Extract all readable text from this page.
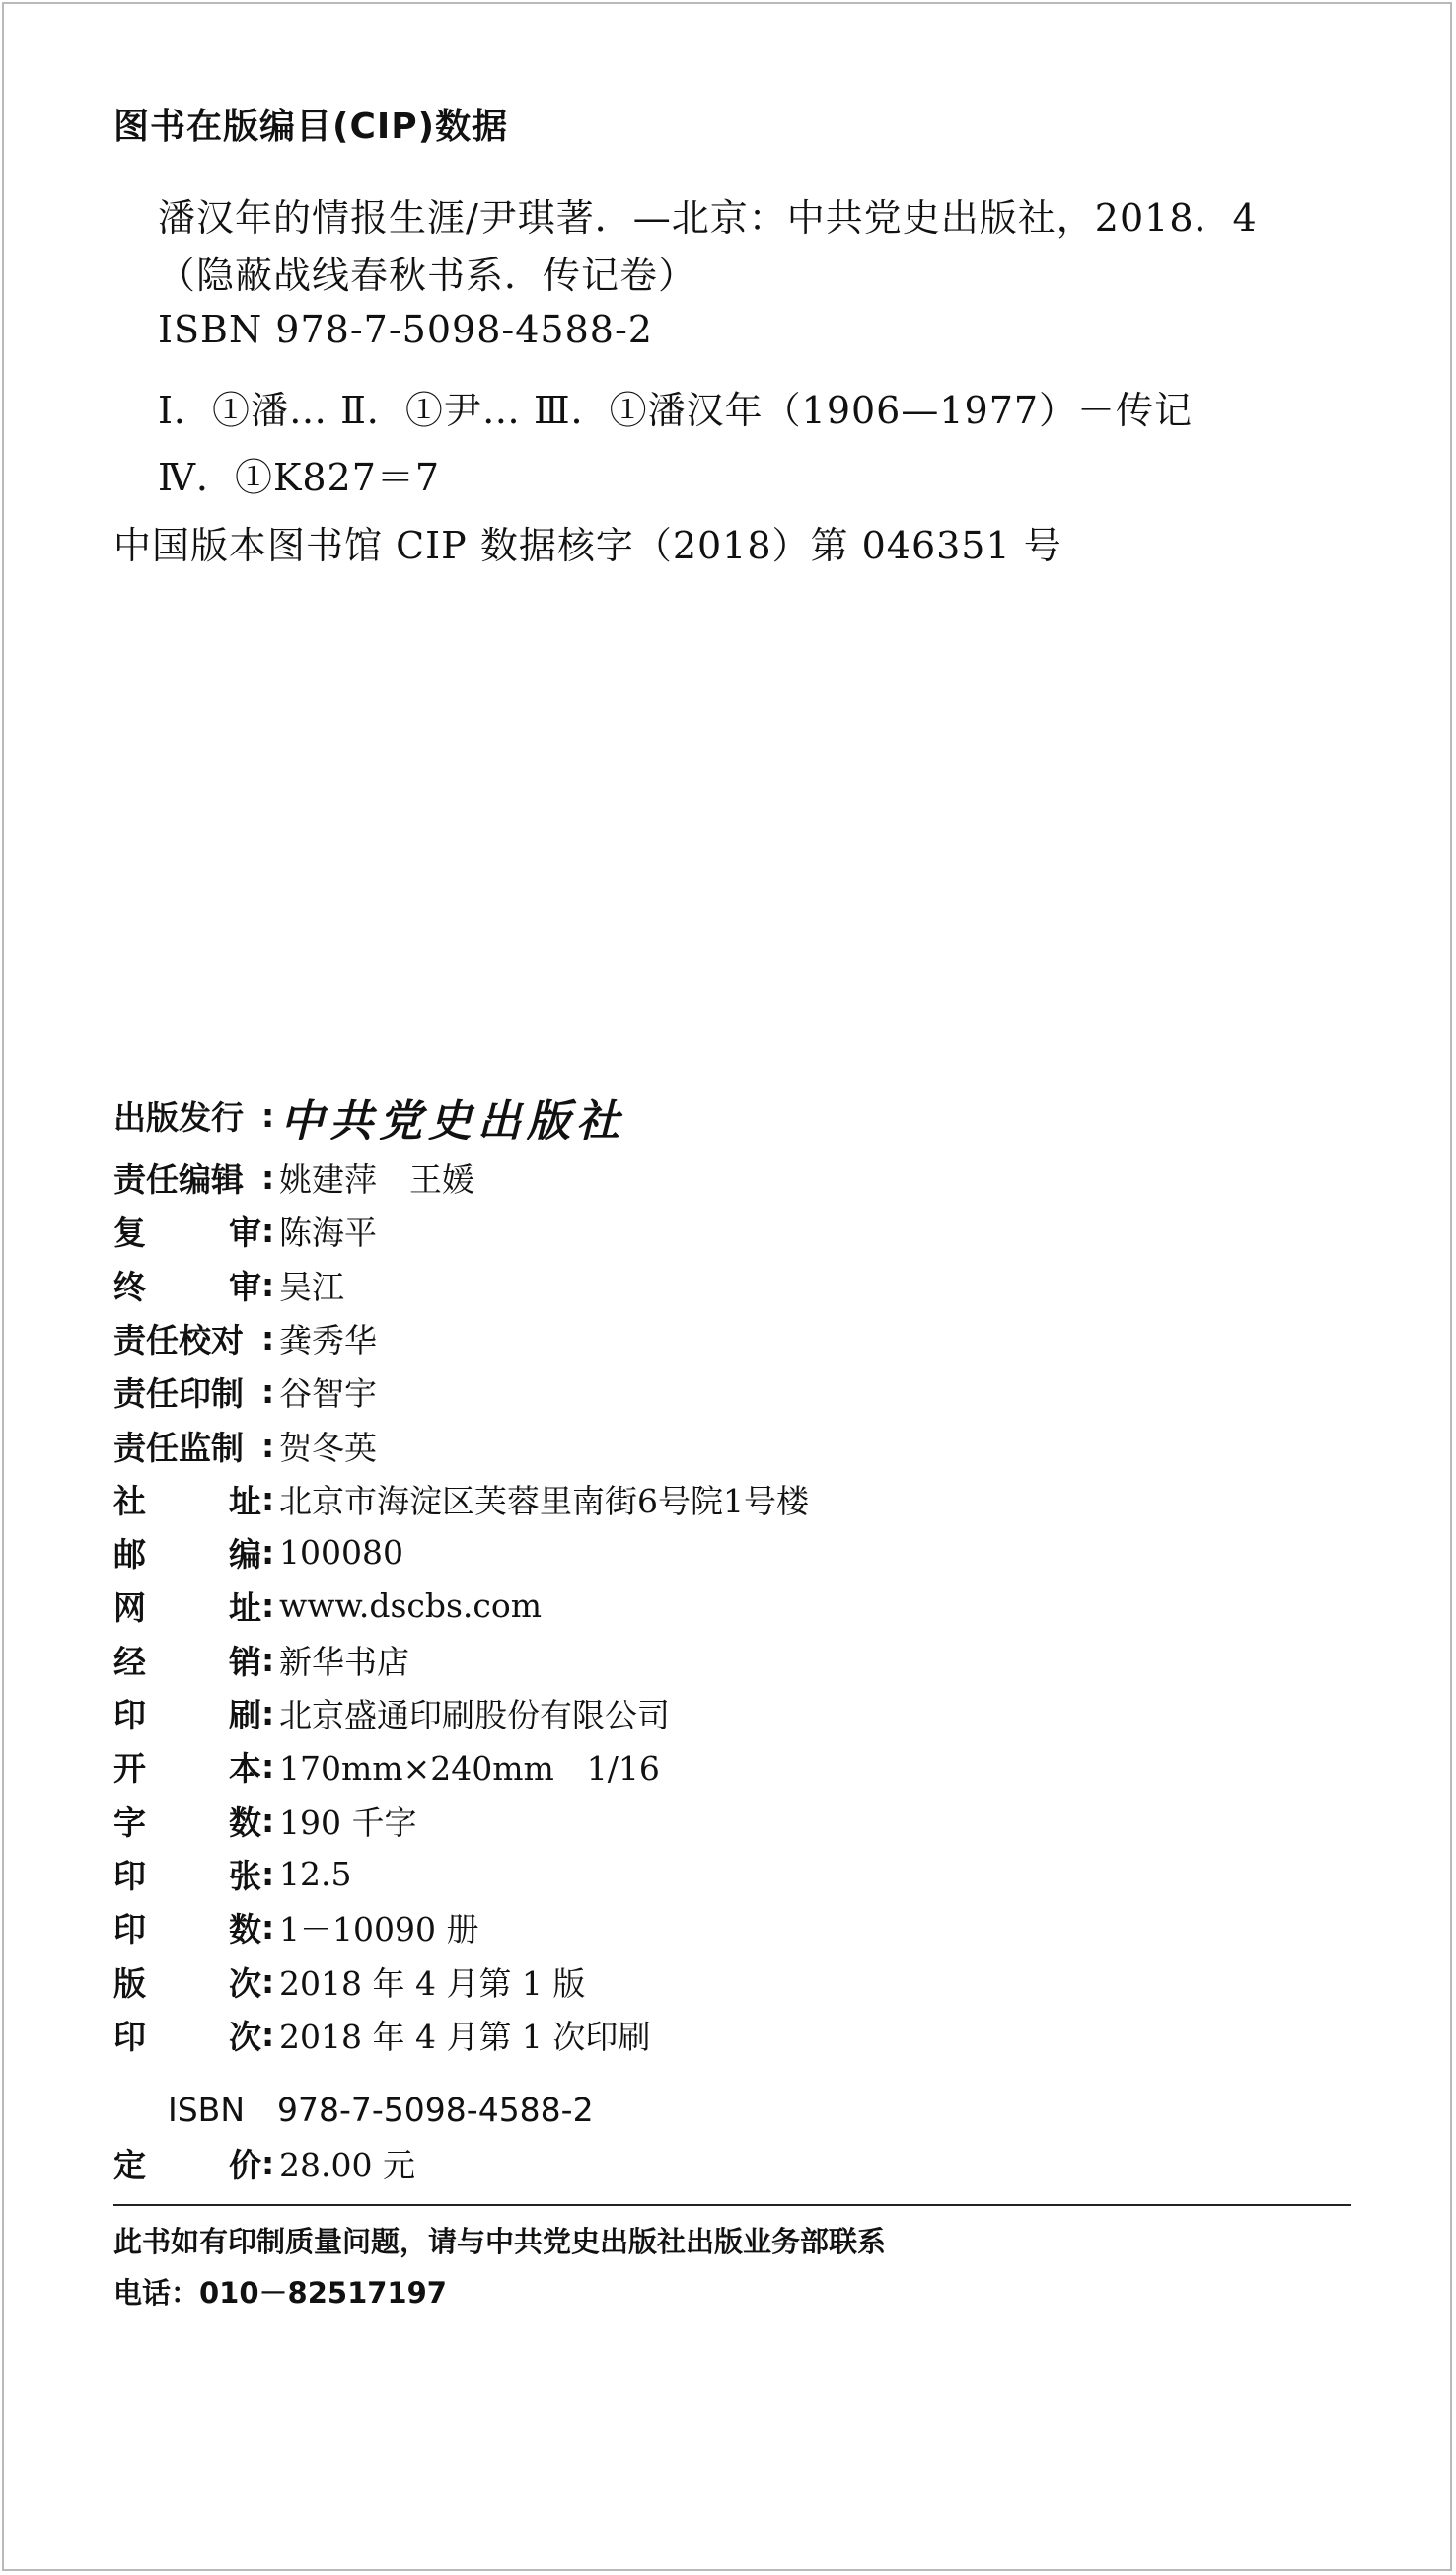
图书在版编目(CIP)数据
潘汉年的情报生涯/尹琪著．—北京：中共党史出版社，2018．4
（隐蔽战线春秋书系．传记卷）
ISBN 978-7-5098-4588-2
Ⅰ．①潘… Ⅱ．①尹… Ⅲ．①潘汉年（1906—1977）－传记
Ⅳ．①K827＝7
中国版本图书馆 CIP 数据核字（2018）第 046351 号
出版发行 : 中共党史出版社
责任编辑 : 姚建萍　王媛
复	审 : 陈海平
终	审 : 吴江
责任校对 : 龚秀华
责任印制 : 谷智宇
责任监制 : 贺冬英
社	址 : 北京市海淀区芙蓉里南街6号院1号楼
邮	编 : 100080
网	址 : www.dscbs.com
经	销 : 新华书店
印	刷 : 北京盛通印刷股份有限公司
开	本 : 170mm×240mm　1/16
字	数 : 190 千字
印	张 : 12.5
印	数 : 1－10090 册
版	次 : 2018 年 4 月第 1 版
印	次 : 2018 年 4 月第 1 次印刷
ISBN　978-7-5098-4588-2
定	价 : 28.00 元
此书如有印制质量问题，请与中共党史出版社出版业务部联系
电话：010－82517197
